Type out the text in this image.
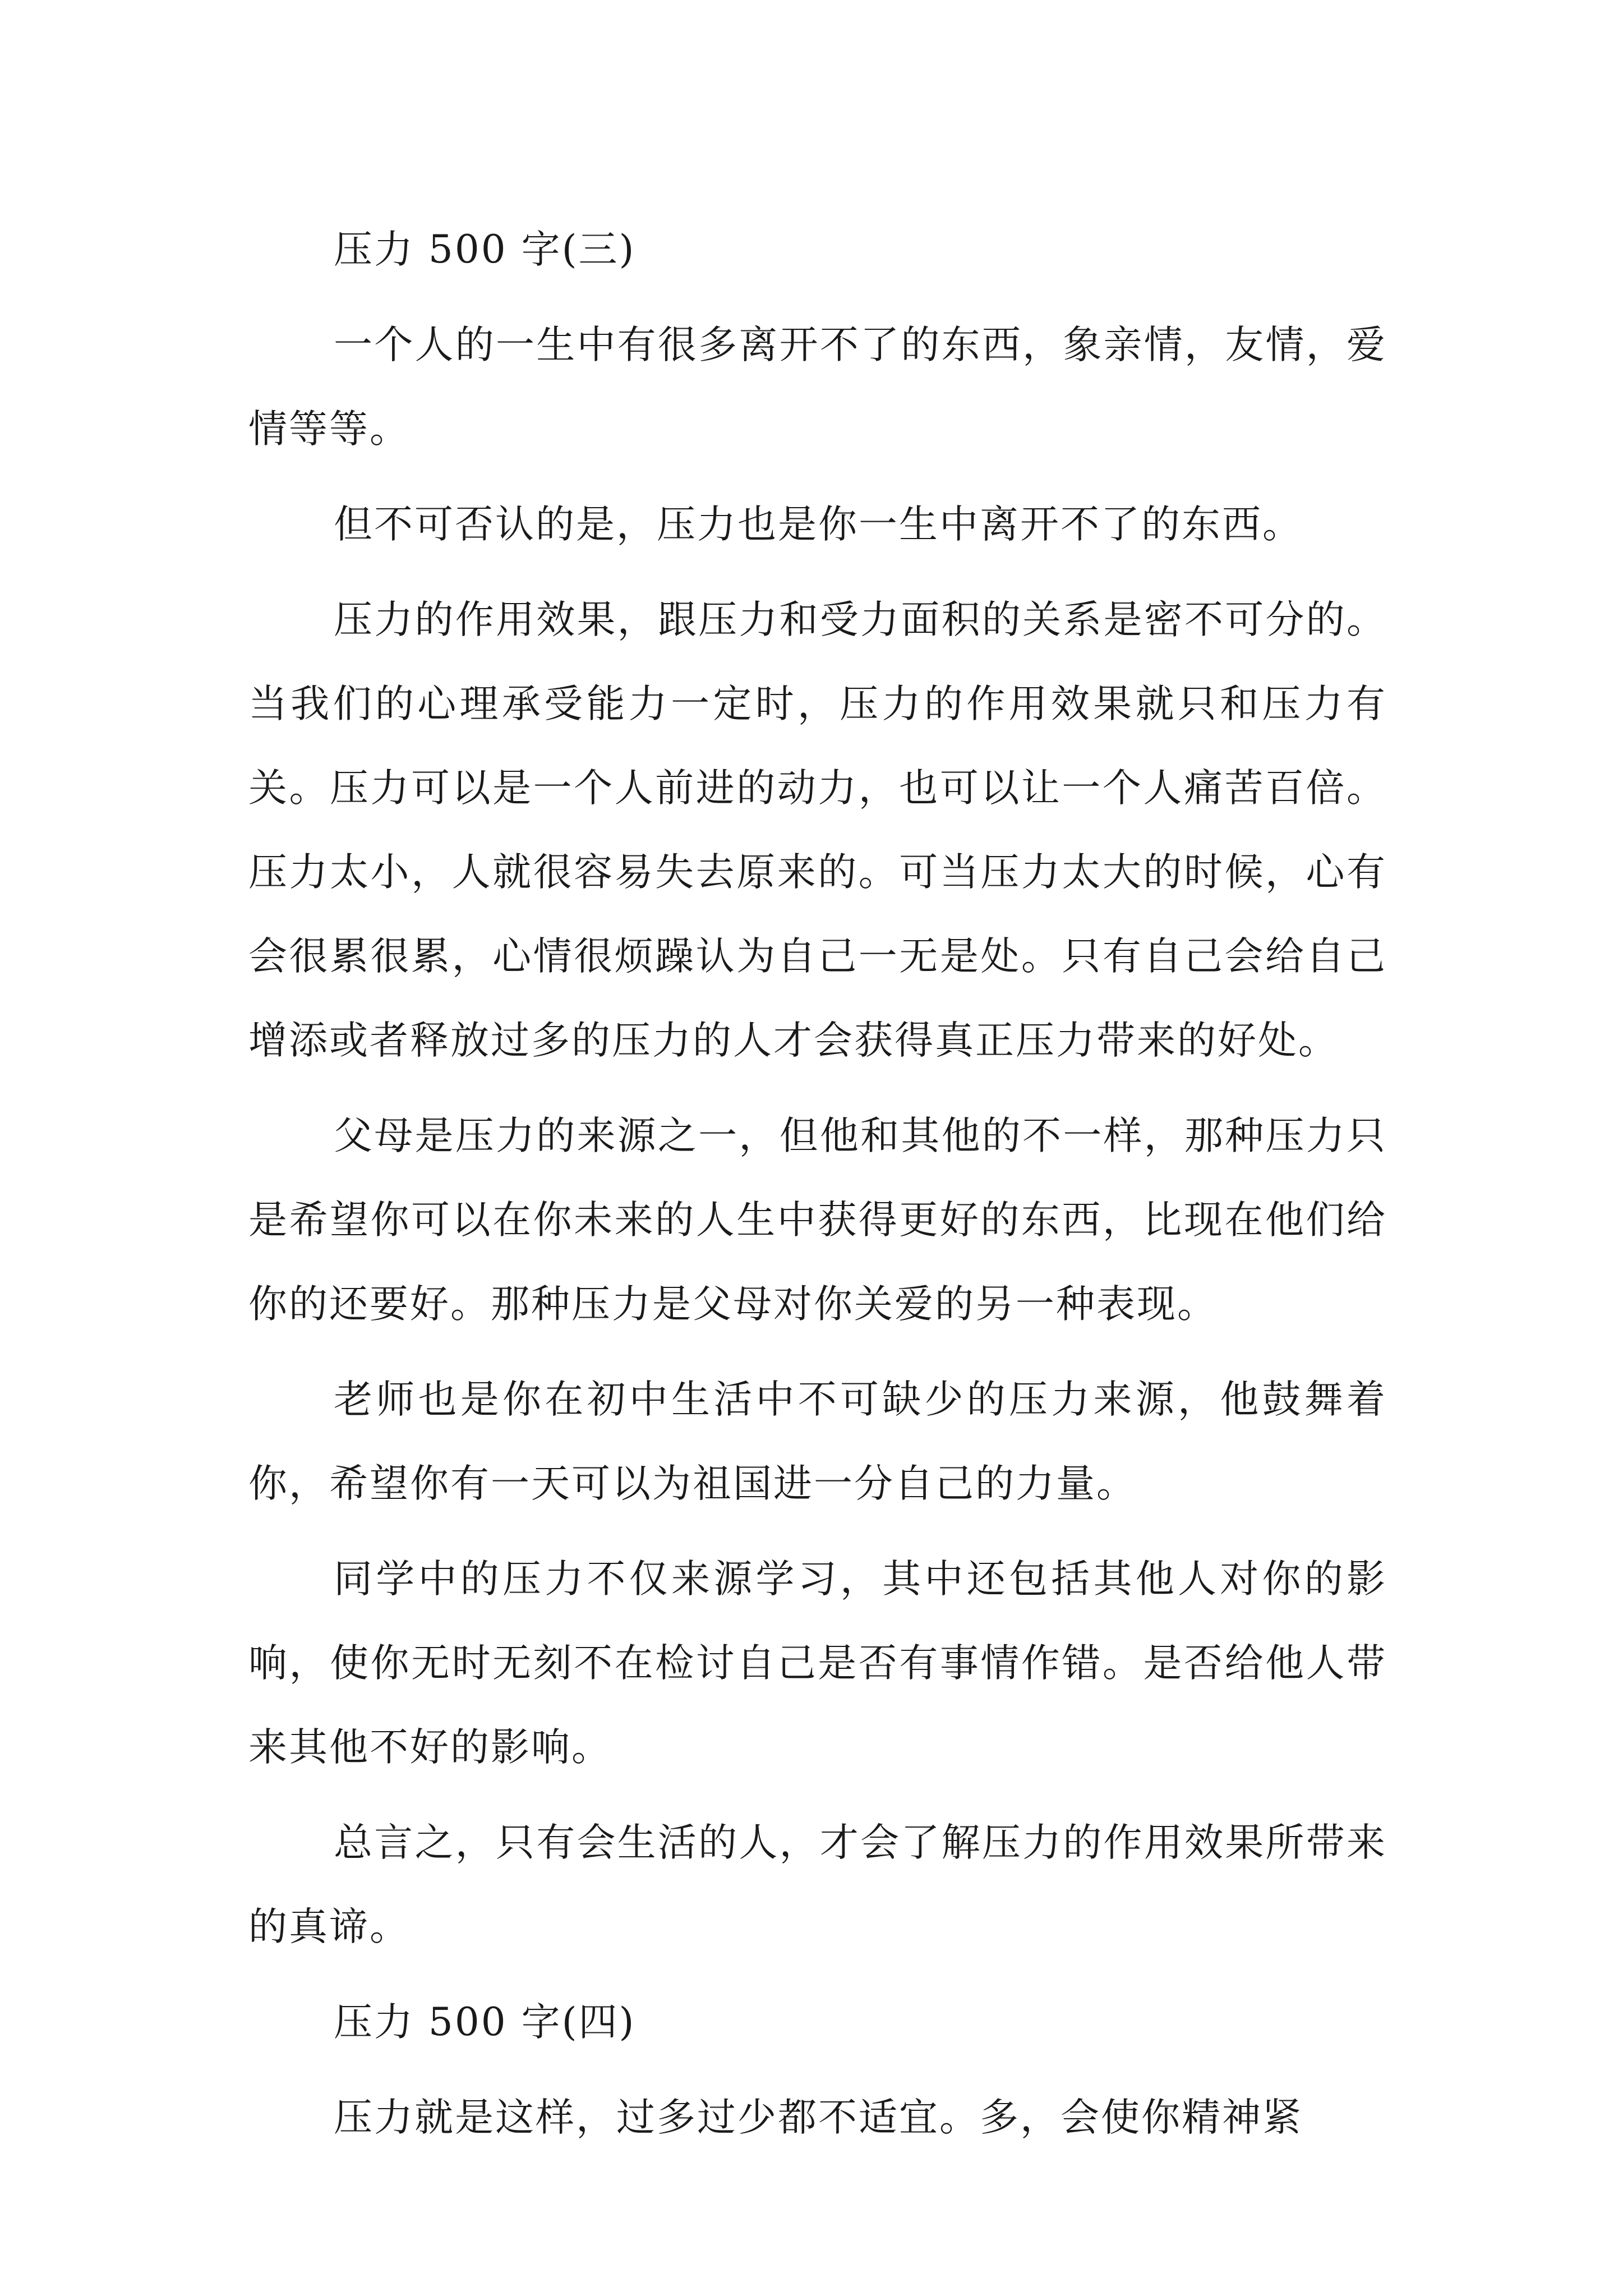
压力 500 字(三)

一个人的一生中有很多离开不了的东西，象亲情，友情，爱情等等。

但不可否认的是，压力也是你一生中离开不了的东西。

压力的作用效果，跟压力和受力面积的关系是密不可分的。当我们的心理承受能力一定时，压力的作用效果就只和压力有关。压力可以是一个人前进的动力，也可以让一个人痛苦百倍。压力太小，人就很容易失去原来的。可当压力太大的时候，心有会很累很累，心情很烦躁认为自己一无是处。只有自己会给自己增添或者释放过多的压力的人才会获得真正压力带来的好处。

父母是压力的来源之一，但他和其他的不一样，那种压力只是希望你可以在你未来的人生中获得更好的东西，比现在他们给你的还要好。那种压力是父母对你关爱的另一种表现。

老师也是你在初中生活中不可缺少的压力来源，他鼓舞着你，希望你有一天可以为祖国进一分自己的力量。

同学中的压力不仅来源学习，其中还包括其他人对你的影响，使你无时无刻不在检讨自己是否有事情作错。是否给他人带来其他不好的影响。

总言之，只有会生活的人，才会了解压力的作用效果所带来的真谛。

压力 500 字(四)

压力就是这样，过多过少都不适宜。多，会使你精神紧
